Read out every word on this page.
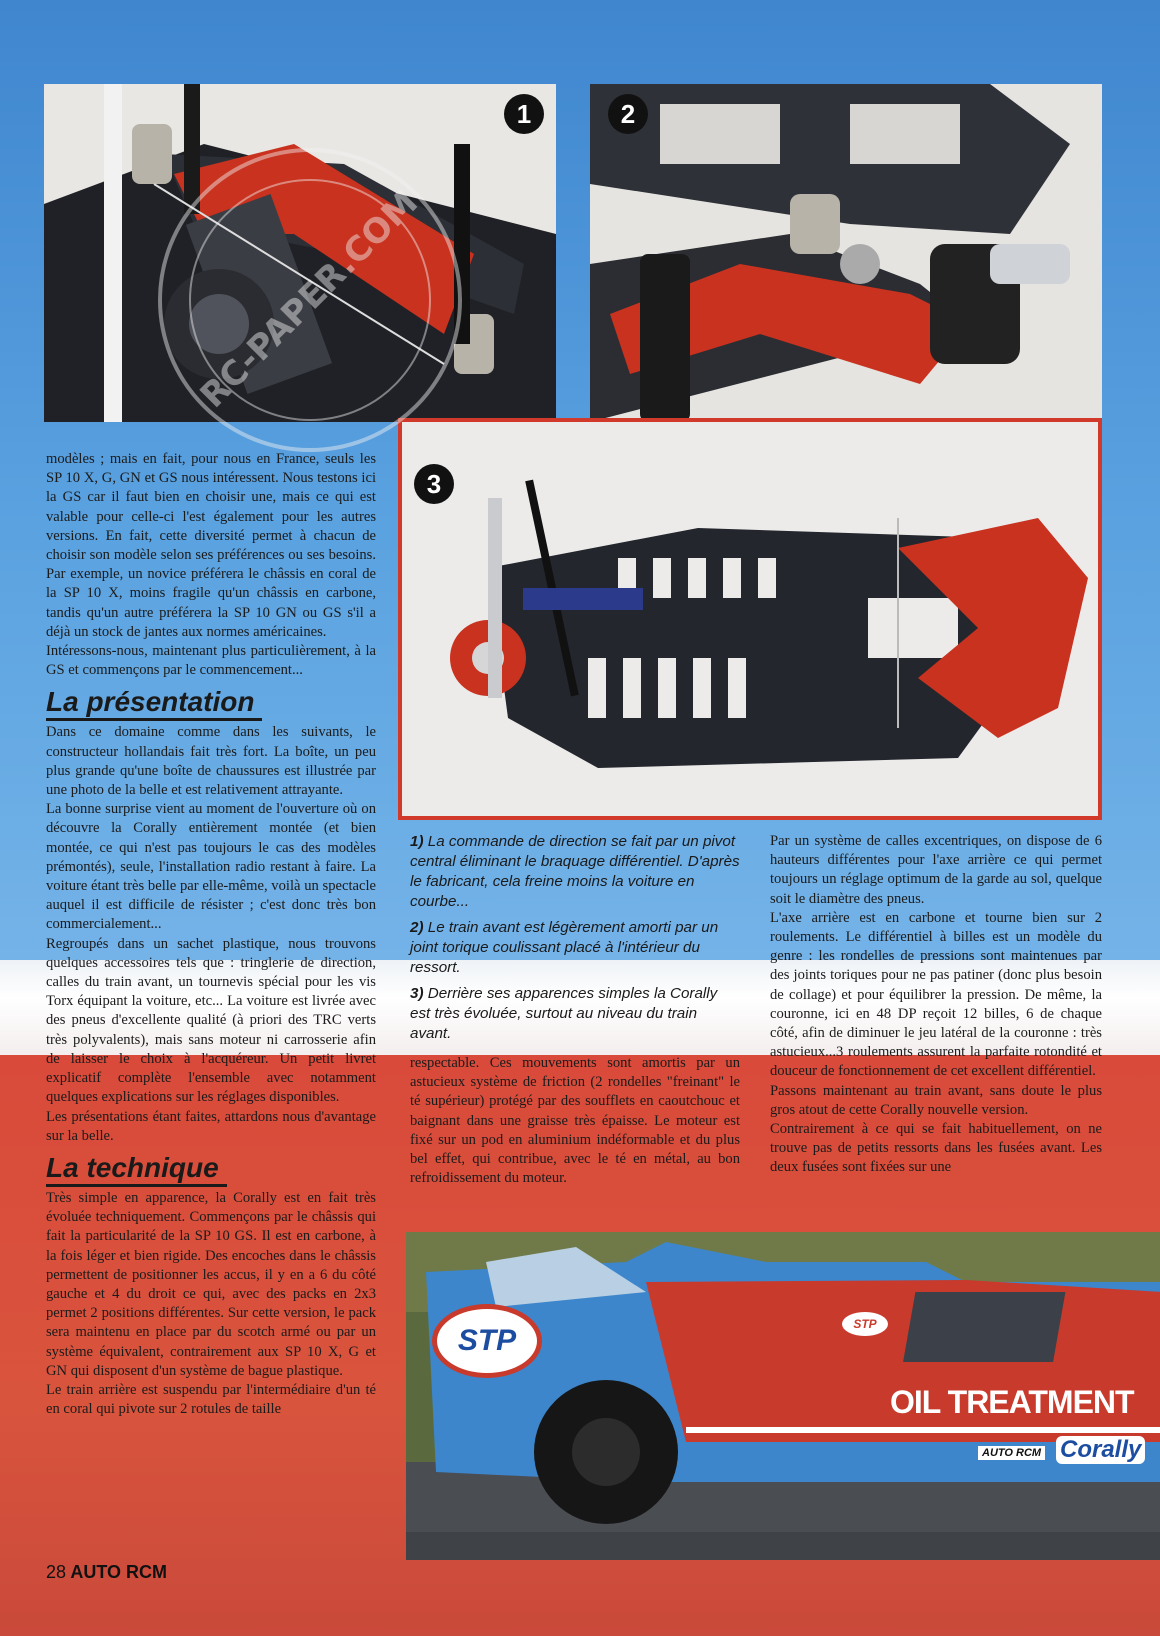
1	2
3
STP	STP
OIL TREATMENT
AUTO RCM Corally
RC-PAPER.COM

modèles ; mais en fait, pour nous en France, seuls les SP 10 X, G, GN et GS nous intéressent. Nous testons ici la GS car il faut bien en choisir une, mais ce qui est valable pour celle-ci l'est également pour les autres versions. En fait, cette diversité permet à chacun de choisir son modèle selon ses préférences ou ses besoins. Par exemple, un novice préférera le châssis en coral de la SP 10 X, moins fragile qu'un châssis en carbone, tandis qu'un autre préférera la SP 10 GN ou GS s'il a déjà un stock de jantes aux normes américaines.

Intéressons-nous, maintenant plus particulièrement, à la GS et commençons par le commencement...

La présentation

Dans ce domaine comme dans les suivants, le constructeur hollandais fait très fort. La boîte, un peu plus grande qu'une boîte de chaussures est illustrée par une photo de la belle et est relativement attrayante.

La bonne surprise vient au moment de l'ouverture où on découvre la Corally entièrement montée (et bien montée, ce qui n'est pas toujours le cas des modèles prémontés), seule, l'installation radio restant à faire. La voiture étant très belle par elle-même, voilà un spectacle auquel il est difficile de résister ; c'est donc très bon commercialement...

Regroupés dans un sachet plastique, nous trouvons quelques accessoires tels que : tringlerie de direction, calles du train avant, un tournevis spécial pour les vis Torx équipant la voiture, etc... La voiture est livrée avec des pneus d'excellente qualité (à priori des TRC verts très polyvalents), mais sans moteur ni carrosserie afin de laisser le choix à l'acquéreur. Un petit livret explicatif complète l'ensemble avec notamment quelques explications sur les réglages disponibles.

Les présentations étant faites, attardons nous d'avantage sur la belle.

La technique

Très simple en apparence, la Corally est en fait très évoluée techniquement. Commençons par le châssis qui fait la particularité de la SP 10 GS. Il est en carbone, à la fois léger et bien rigide. Des encoches dans le châssis permettent de positionner les accus, il y en a 6 du côté gauche et 4 du droit ce qui, avec des packs en 2x3 permet 2 positions différentes. Sur cette version, le pack sera maintenu en place par du scotch armé ou par un système équivalent, contrairement aux SP 10 X, G et GN qui disposent d'un système de bague plastique.

Le train arrière est suspendu par l'intermédiaire d'un té en coral qui pivote sur 2 rotules de taille

1) La commande de direction se fait par un pivot central éliminant le braquage différentiel. D'après le fabricant, cela freine moins la voiture en courbe...

2) Le train avant est légèrement amorti par un joint torique coulissant placé à l'intérieur du ressort.

3) Derrière ses apparences simples la Corally est très évoluée, surtout au niveau du train avant.

respectable. Ces mouvements sont amortis par un astucieux système de friction (2 rondelles "freinant" le té supérieur) protégé par des soufflets en caoutchouc et baignant dans une graisse très épaisse. Le moteur est fixé sur un pod en aluminium indéformable et du plus bel effet, qui contribue, avec le té en métal, au bon refroidissement du moteur.

Par un système de calles excentriques, on dispose de 6 hauteurs différentes pour l'axe arrière ce qui permet toujours un réglage optimum de la garde au sol, quelque soit le diamètre des pneus.

L'axe arrière est en carbone et tourne bien sur 2 roulements. Le différentiel à billes est un modèle du genre : les rondelles de pressions sont maintenues par des joints toriques pour ne pas patiner (donc plus besoin de collage) et pour équilibrer la pression. De même, la couronne, ici en 48 DP reçoit 12 billes, 6 de chaque côté, afin de diminuer le jeu latéral de la couronne : très astucieux...3 roulements assurent la parfaite rotondité et douceur de fonctionnement de cet excellent différentiel.

Passons maintenant au train avant, sans doute le plus gros atout de cette Corally nouvelle version.

Contrairement à ce qui se fait habituellement, on ne trouve pas de petits ressorts dans les fusées avant. Les deux fusées sont fixées sur une

28 AUTO RCM
